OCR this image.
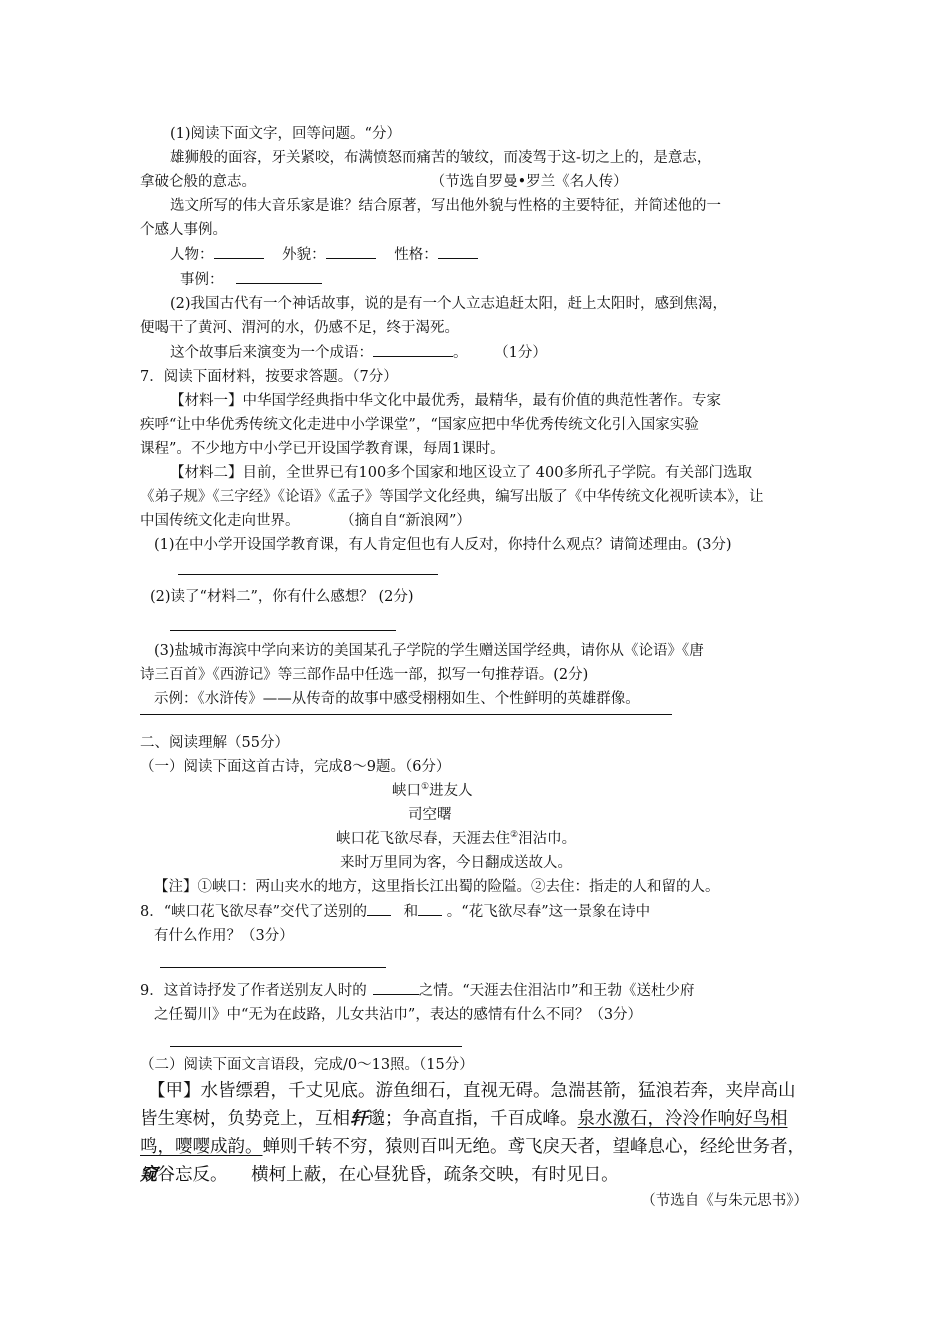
(1)阅读下面文字，回等问题。“分）
雄狮般的面容，牙关紧咬，布满愤怒而痛苦的皱纹，而凌驾于这-切之上的，是意志，
拿破仑般的意志。	（节选自罗曼•罗兰《名人传）
选文所写的伟大音乐家是谁？结合原著，写出他外貌与性格的主要特征，并简述他的一
个感人事例。
人物：	外貌：	性格：
事例：
(2)我国古代有一个神话故事，说的是有一个人立志追赶太阳，赶上太阳时，感到焦渴，
便喝干了黄河、渭河的水，仍感不足，终于渴死。
这个故事后来演变为一个成语：	。 （1分）
7．阅读下面材料，按要求答题。（7分）
【材料一】中华国学经典指中华文化中最优秀，最精华，最有价值的典范性著作。专家
疾呼“让中华优秀传统文化走进中小学课堂”，“国家应把中华优秀传统文化引入国家实验
课程”。不少地方中小学已开设国学教育课，每周1课时。
【材料二】目前，全世界已有100多个国家和地区设立了 400多所孔子学院。有关部门选取
《弟子规》《三字经》《论语》《孟子》等国学文化经典，编写出版了《中华传统文化视听读本》，让
中国传统文化走向世界。	（摘自自“新浪网”）
(1)在中小学开设国学教育课，有人肯定但也有人反对，你持什么观点？请简述理由。(3分)
(2)读了“材料二”，你有什么感想？ (2分)
(3)盐城市海滨中学向来访的美国某孔子学院的学生赠送国学经典，请你从《论语》《唐
诗三百首》《西游记》等三部作品中任选一部，拟写一句推荐语。(2分)
示例：《水浒传》——从传奇的故事中感受栩栩如生、个性鲜明的英雄群像。
二、阅读理解（55分）
（一）阅读下面这首古诗，完成8～9题。（6分）
峡口①进友人
司空曙
峡口花飞欲尽春，天涯去住②泪沾巾。
来时万里同为客，今日翻成送故人。
【注】①峡口：两山夹水的地方，这里指长江出蜀的险隘。②去住：指走的人和留的人。
8．“峡口花飞欲尽春”交代了送别的	和 。“花飞欲尽春”这一景象在诗中
有什么作用？（3分）
9．这首诗抒发了作者送别友人时的	之情。“天涯去住泪沾巾”和王勃《送杜少府
之任蜀川》中“无为在歧路，儿女共沾巾”，表达的感情有什么不同？（3分）
（二）阅读下面文言语段，完成/0～13照。（15分）
【甲】水皆缥碧，千丈见底。游鱼细石，直视无碍。急湍甚箭，猛浪若奔，夹岸高山
皆生寒树，负势竞上，互相轩邈；争高直指，千百成峰。泉水激石，泠泠作响好鸟相
鸣，嘤嘤成韵。蝉则千转不穷，猿则百叫无绝。鸢飞戾天者，望峰息心，经纶世务者，
窥谷忘反。 横柯上蔽，在心昼犹昏，疏条交映，有时见日。
（节选自《与朱元思书》）
